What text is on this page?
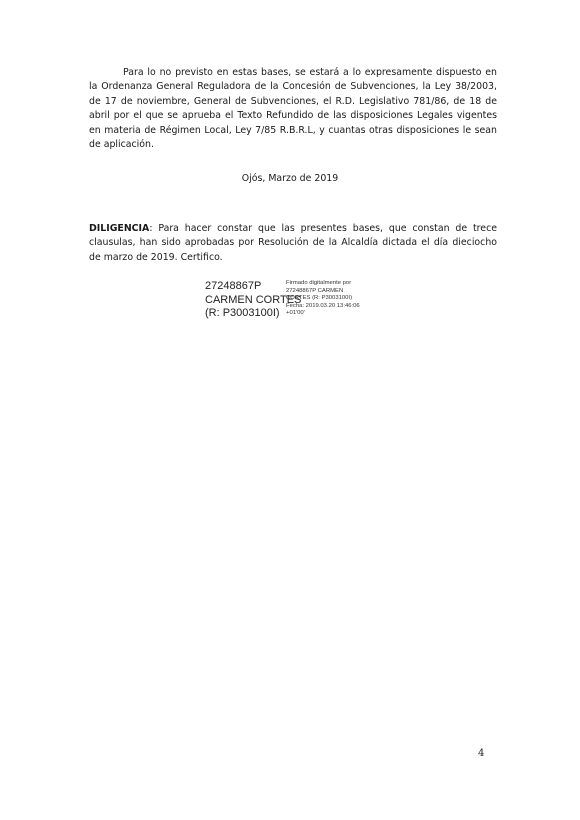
Para lo no previsto en estas bases, se estará a lo expresamente dispuesto en la Ordenanza General Reguladora de la Concesión de Subvenciones, la Ley 38/2003, de 17 de noviembre, General de Subvenciones, el R.D. Legislativo 781/86, de 18 de abril por el que se aprueba el Texto Refundido de las disposiciones Legales vigentes en materia de Régimen Local, Ley 7/85 R.B.R.L, y cuantas otras disposiciones le sean de aplicación.

Ojós, Marzo de 2019

DILIGENCIA: Para hacer constar que las presentes bases, que constan de trece clausulas, han sido aprobadas por Resolución de la Alcaldía dictada el día dieciocho de marzo de 2019. Certifico.

27248867P
CARMEN CORTES
(R: P3003100I)
Firmado digitalmente por
27248867P CARMEN
CORTES (R: P3003100I)
Fecha: 2019.03.20 13:46:06
+01'00'
4
